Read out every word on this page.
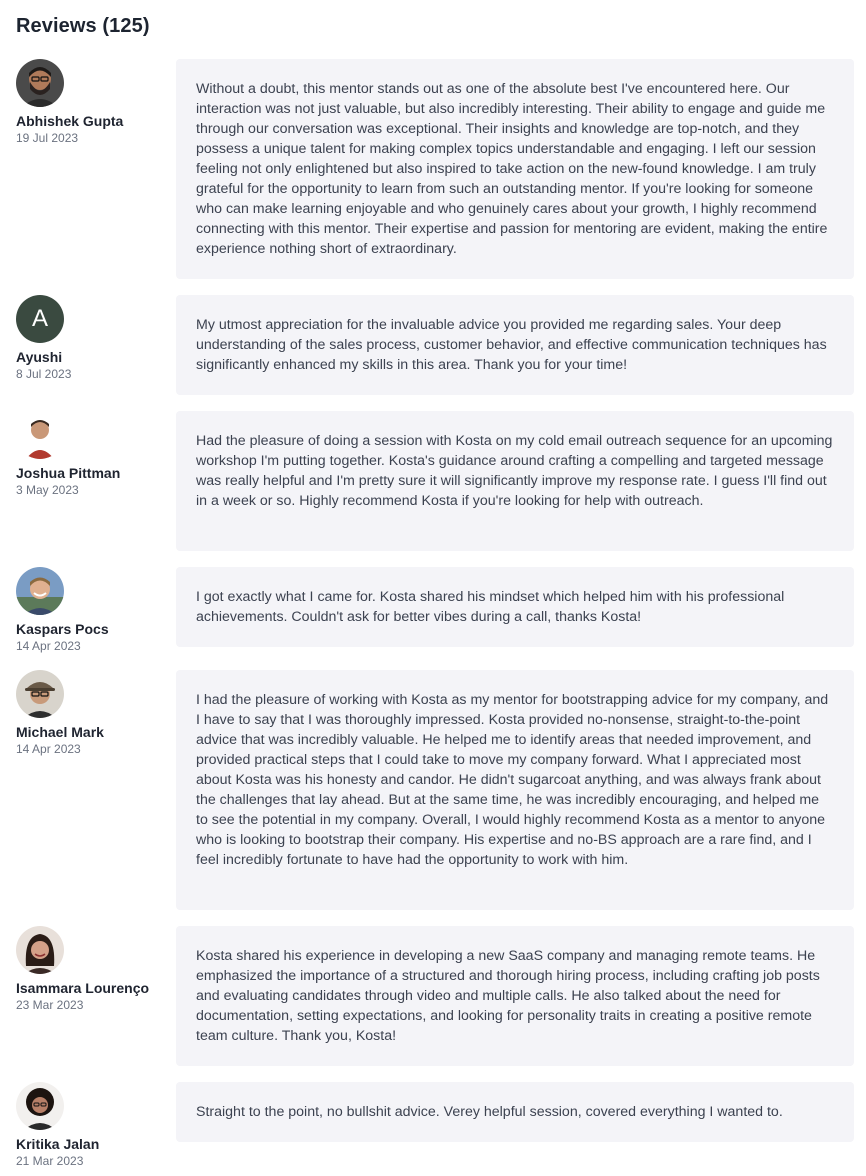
Reviews (125)
Abhishek Gupta
19 Jul 2023

Without a doubt, this mentor stands out as one of the absolute best I've encountered here. Our interaction was not just valuable, but also incredibly interesting. Their ability to engage and guide me through our conversation was exceptional. Their insights and knowledge are top-notch, and they possess a unique talent for making complex topics understandable and engaging. I left our session feeling not only enlightened but also inspired to take action on the new-found knowledge. I am truly grateful for the opportunity to learn from such an outstanding mentor. If you're looking for someone who can make learning enjoyable and who genuinely cares about your growth, I highly recommend connecting with this mentor. Their expertise and passion for mentoring are evident, making the entire experience nothing short of extraordinary.

A
Ayushi
8 Jul 2023

My utmost appreciation for the invaluable advice you provided me regarding sales. Your deep understanding of the sales process, customer behavior, and effective communication techniques has significantly enhanced my skills in this area. Thank you for your time!

Joshua Pittman
3 May 2023

Had the pleasure of doing a session with Kosta on my cold email outreach sequence for an upcoming workshop I'm putting together. Kosta's guidance around crafting a compelling and targeted message was really helpful and I'm pretty sure it will significantly improve my response rate. I guess I'll find out in a week or so. Highly recommend Kosta if you're looking for help with outreach.

Kaspars Pocs
14 Apr 2023

I got exactly what I came for. Kosta shared his mindset which helped him with his professional achievements. Couldn't ask for better vibes during a call, thanks Kosta!

Michael Mark
14 Apr 2023

I had the pleasure of working with Kosta as my mentor for bootstrapping advice for my company, and I have to say that I was thoroughly impressed. Kosta provided no-nonsense, straight-to-the-point advice that was incredibly valuable. He helped me to identify areas that needed improvement, and provided practical steps that I could take to move my company forward. What I appreciated most about Kosta was his honesty and candor. He didn't sugarcoat anything, and was always frank about the challenges that lay ahead. But at the same time, he was incredibly encouraging, and helped me to see the potential in my company. Overall, I would highly recommend Kosta as a mentor to anyone who is looking to bootstrap their company. His expertise and no-BS approach are a rare find, and I feel incredibly fortunate to have had the opportunity to work with him.

Isammara Lourenço
23 Mar 2023

Kosta shared his experience in developing a new SaaS company and managing remote teams. He emphasized the importance of a structured and thorough hiring process, including crafting job posts and evaluating candidates through video and multiple calls. He also talked about the need for documentation, setting expectations, and looking for personality traits in creating a positive remote team culture. Thank you, Kosta!

Kritika Jalan
21 Mar 2023

Straight to the point, no bullshit advice. Verey helpful session, covered everything I wanted to.
